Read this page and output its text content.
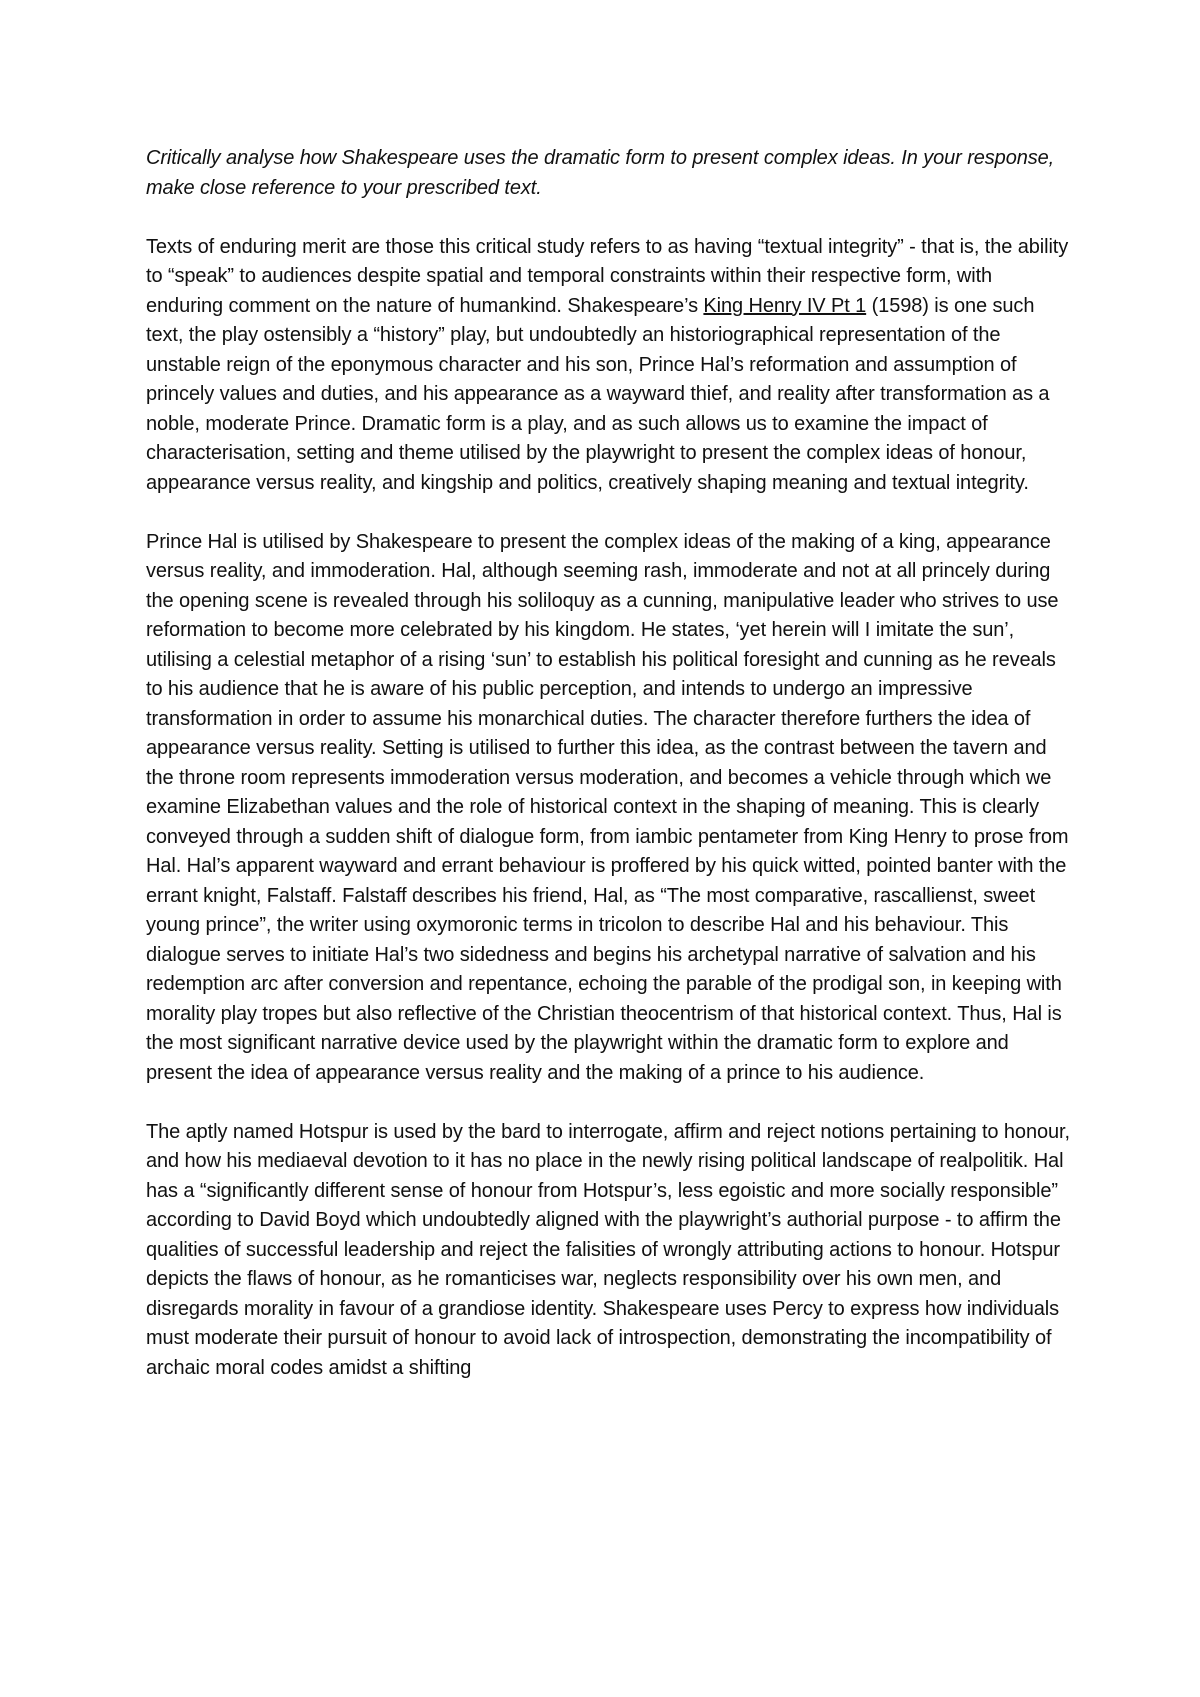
Critically analyse how Shakespeare uses the dramatic form to present complex ideas. In your response, make close reference to your prescribed text.

Texts of enduring merit are those this critical study refers to as having “textual integrity” - that is, the ability to “speak” to audiences despite spatial and temporal constraints within their respective form, with enduring comment on the nature of humankind. Shakespeare’s King Henry IV Pt 1 (1598) is one such text, the play ostensibly a “history” play, but undoubtedly an historiographical representation of the unstable reign of the eponymous character and his son, Prince Hal’s reformation and assumption of princely values and duties, and his appearance as a wayward thief, and reality after transformation as a noble, moderate Prince. Dramatic form is a play, and as such allows us to examine the impact of characterisation, setting and theme utilised by the playwright to present the complex ideas of honour, appearance versus reality, and kingship and politics, creatively shaping meaning and textual integrity.

Prince Hal is utilised by Shakespeare to present the complex ideas of the making of a king, appearance versus reality, and immoderation. Hal, although seeming rash, immoderate and not at all princely during the opening scene is revealed through his soliloquy as a cunning, manipulative leader who strives to use reformation to become more celebrated by his kingdom. He states, ‘yet herein will I imitate the sun’, utilising a celestial metaphor of a rising ‘sun’ to establish his political foresight and cunning as he reveals to his audience that he is aware of his public perception, and intends to undergo an impressive transformation in order to assume his monarchical duties. The character therefore furthers the idea of appearance versus reality. Setting is utilised to further this idea, as the contrast between the tavern and the throne room represents immoderation versus moderation, and becomes a vehicle through which we examine Elizabethan values and the role of historical context in the shaping of meaning. This is clearly conveyed through a sudden shift of dialogue form, from iambic pentameter from King Henry to prose from Hal. Hal’s apparent wayward and errant behaviour is proffered by his quick witted, pointed banter with the errant knight, Falstaff. Falstaff describes his friend, Hal, as “The most comparative, rascallienst, sweet young prince”, the writer using oxymoronic terms in tricolon to describe Hal and his behaviour. This dialogue serves to initiate Hal’s two sidedness and begins his archetypal narrative of salvation and his redemption arc after conversion and repentance, echoing the parable of the prodigal son, in keeping with morality play tropes but also reflective of the Christian theocentrism of that historical context. Thus, Hal is the most significant narrative device used by the playwright within the dramatic form to explore and present the idea of appearance versus reality and the making of a prince to his audience.

The aptly named Hotspur is used by the bard to interrogate, affirm and reject notions pertaining to honour, and how his mediaeval devotion to it has no place in the newly rising political landscape of realpolitik. Hal has a “significantly different sense of honour from Hotspur’s, less egoistic and more socially responsible” according to David Boyd which undoubtedly aligned with the playwright’s authorial purpose - to affirm the qualities of successful leadership and reject the falisities of wrongly attributing actions to honour. Hotspur depicts the flaws of honour, as he romanticises war, neglects responsibility over his own men, and disregards morality in favour of a grandiose identity. Shakespeare uses Percy to express how individuals must moderate their pursuit of honour to avoid lack of introspection, demonstrating the incompatibility of archaic moral codes amidst a shifting
